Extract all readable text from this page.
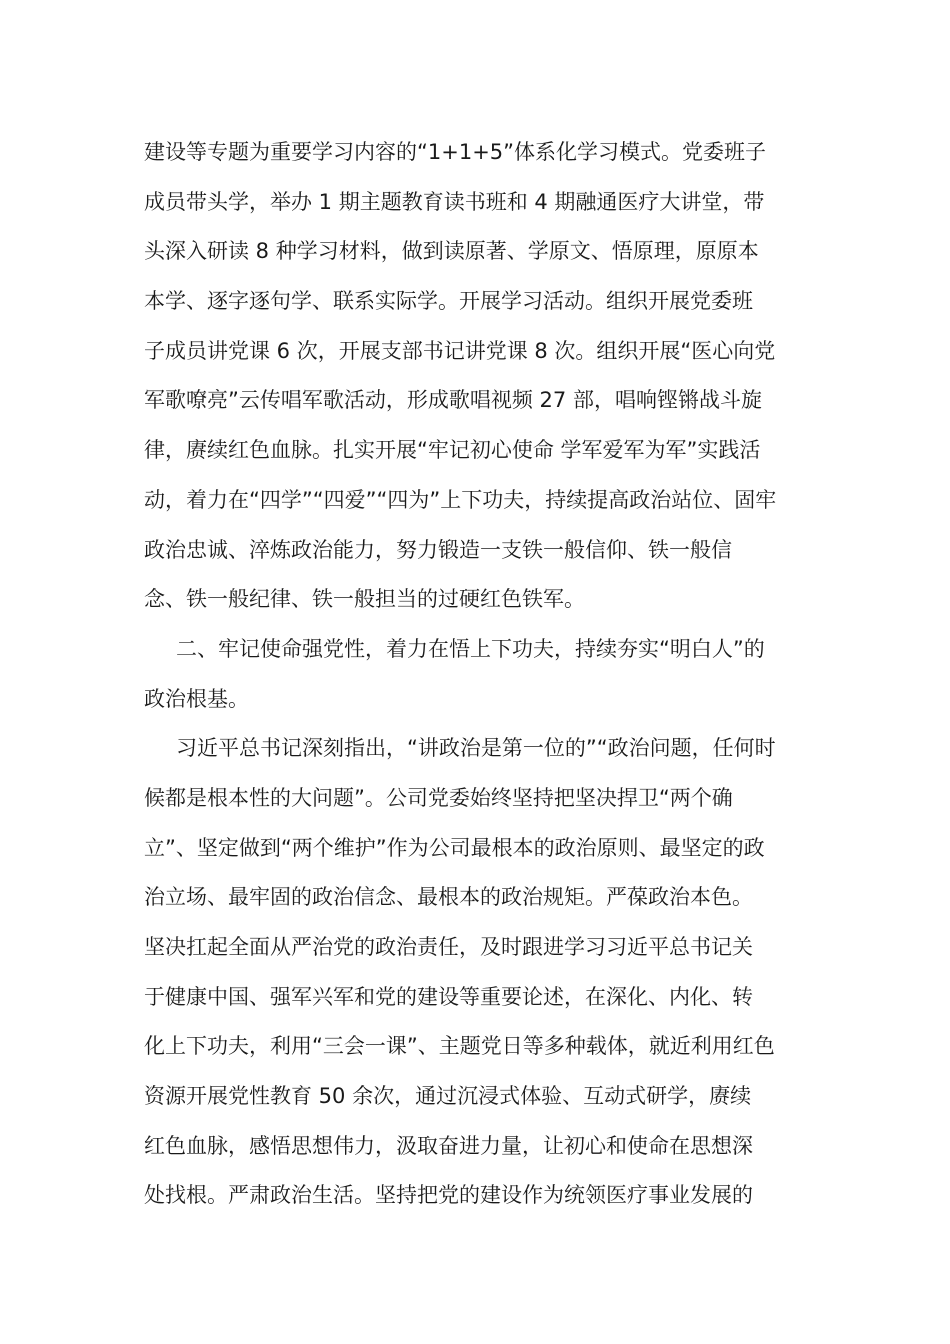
建设等专题为重要学习内容的“1+1+5”体系化学习模式。党委班子
成员带头学，举办 1 期主题教育读书班和 4 期融通医疗大讲堂，带
头深入研读 8 种学习材料，做到读原著、学原文、悟原理，原原本
本学、逐字逐句学、联系实际学。开展学习活动。组织开展党委班
子成员讲党课 6 次，开展支部书记讲党课 8 次。组织开展“医心向党
军歌嘹亮”云传唱军歌活动，形成歌唱视频 27 部，唱响铿锵战斗旋
律，赓续红色血脉。扎实开展“牢记初心使命 学军爱军为军”实践活
动，着力在“四学”“四爱”“四为”上下功夫，持续提高政治站位、固牢
政治忠诚、淬炼政治能力，努力锻造一支铁一般信仰、铁一般信
念、铁一般纪律、铁一般担当的过硬红色铁军。
二、牢记使命强党性，着力在悟上下功夫，持续夯实“明白人”的
政治根基。
习近平总书记深刻指出，“讲政治是第一位的”“政治问题，任何时
候都是根本性的大问题”。公司党委始终坚持把坚决捍卫“两个确
立”、坚定做到“两个维护”作为公司最根本的政治原则、最坚定的政
治立场、最牢固的政治信念、最根本的政治规矩。严葆政治本色。
坚决扛起全面从严治党的政治责任，及时跟进学习习近平总书记关
于健康中国、强军兴军和党的建设等重要论述，在深化、内化、转
化上下功夫，利用“三会一课”、主题党日等多种载体，就近利用红色
资源开展党性教育 50 余次，通过沉浸式体验、互动式研学，赓续
红色血脉，感悟思想伟力，汲取奋进力量，让初心和使命在思想深
处找根。严肃政治生活。坚持把党的建设作为统领医疗事业发展的
